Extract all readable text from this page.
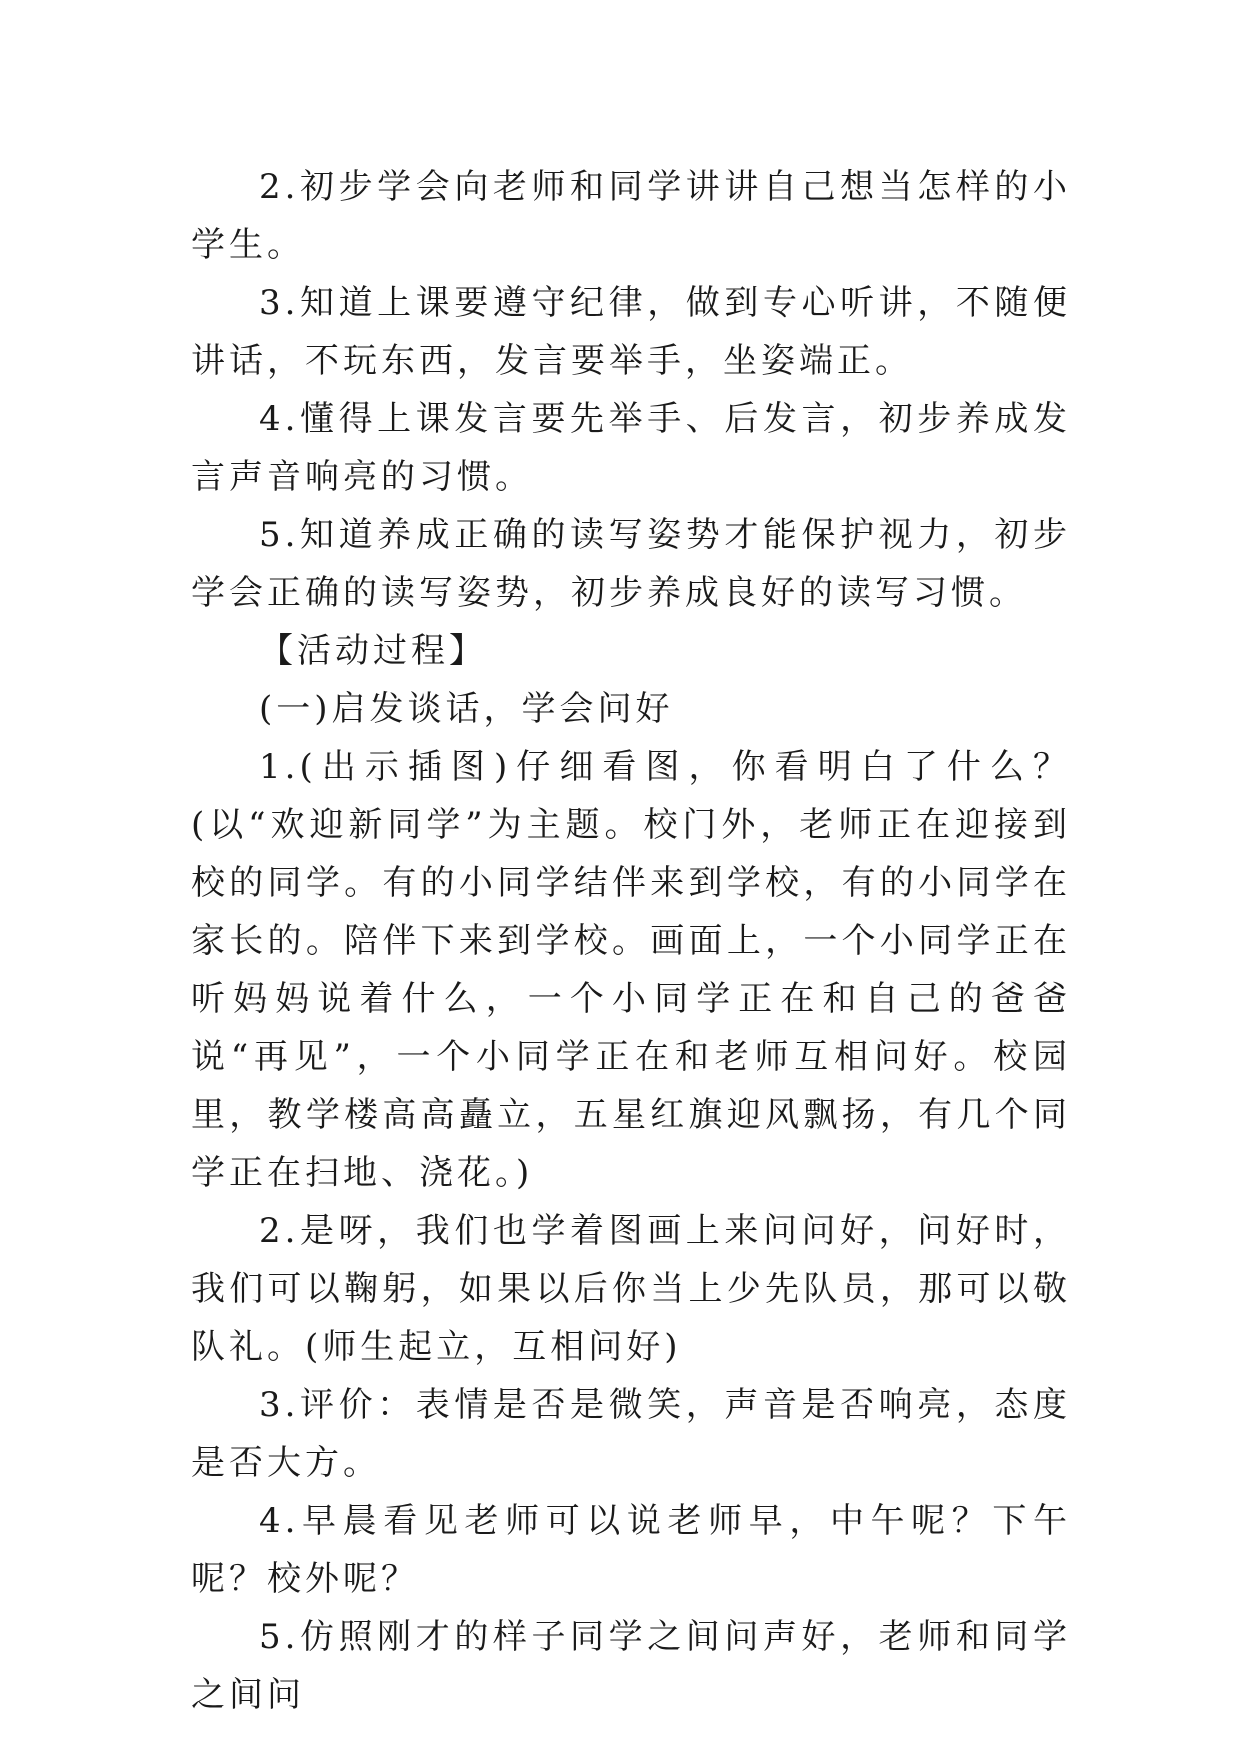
2.初步学会向老师和同学讲讲自己想当怎样的小学生。

3.知道上课要遵守纪律，做到专心听讲，不随便讲话，不玩东西，发言要举手，坐姿端正。

4.懂得上课发言要先举手、后发言，初步养成发言声音响亮的习惯。

5.知道养成正确的读写姿势才能保护视力，初步学会正确的读写姿势，初步养成良好的读写习惯。

【活动过程】

(一)启发谈话，学会问好

1.(出示插图)仔细看图，你看明白了什么？(以“欢迎新同学”为主题。校门外，老师正在迎接到校的同学。有的小同学结伴来到学校，有的小同学在家长的。陪伴下来到学校。画面上，一个小同学正在听妈妈说着什么，一个小同学正在和自己的爸爸说“再见”，一个小同学正在和老师互相问好。校园里，教学楼高高矗立，五星红旗迎风飘扬，有几个同学正在扫地、浇花。)

2.是呀，我们也学着图画上来问问好，问好时，我们可以鞠躬，如果以后你当上少先队员，那可以敬队礼。(师生起立，互相问好)

3.评价：表情是否是微笑，声音是否响亮，态度是否大方。

4.早晨看见老师可以说老师早，中午呢？下午呢？校外呢？

5.仿照刚才的样子同学之间问声好，老师和同学之间问
